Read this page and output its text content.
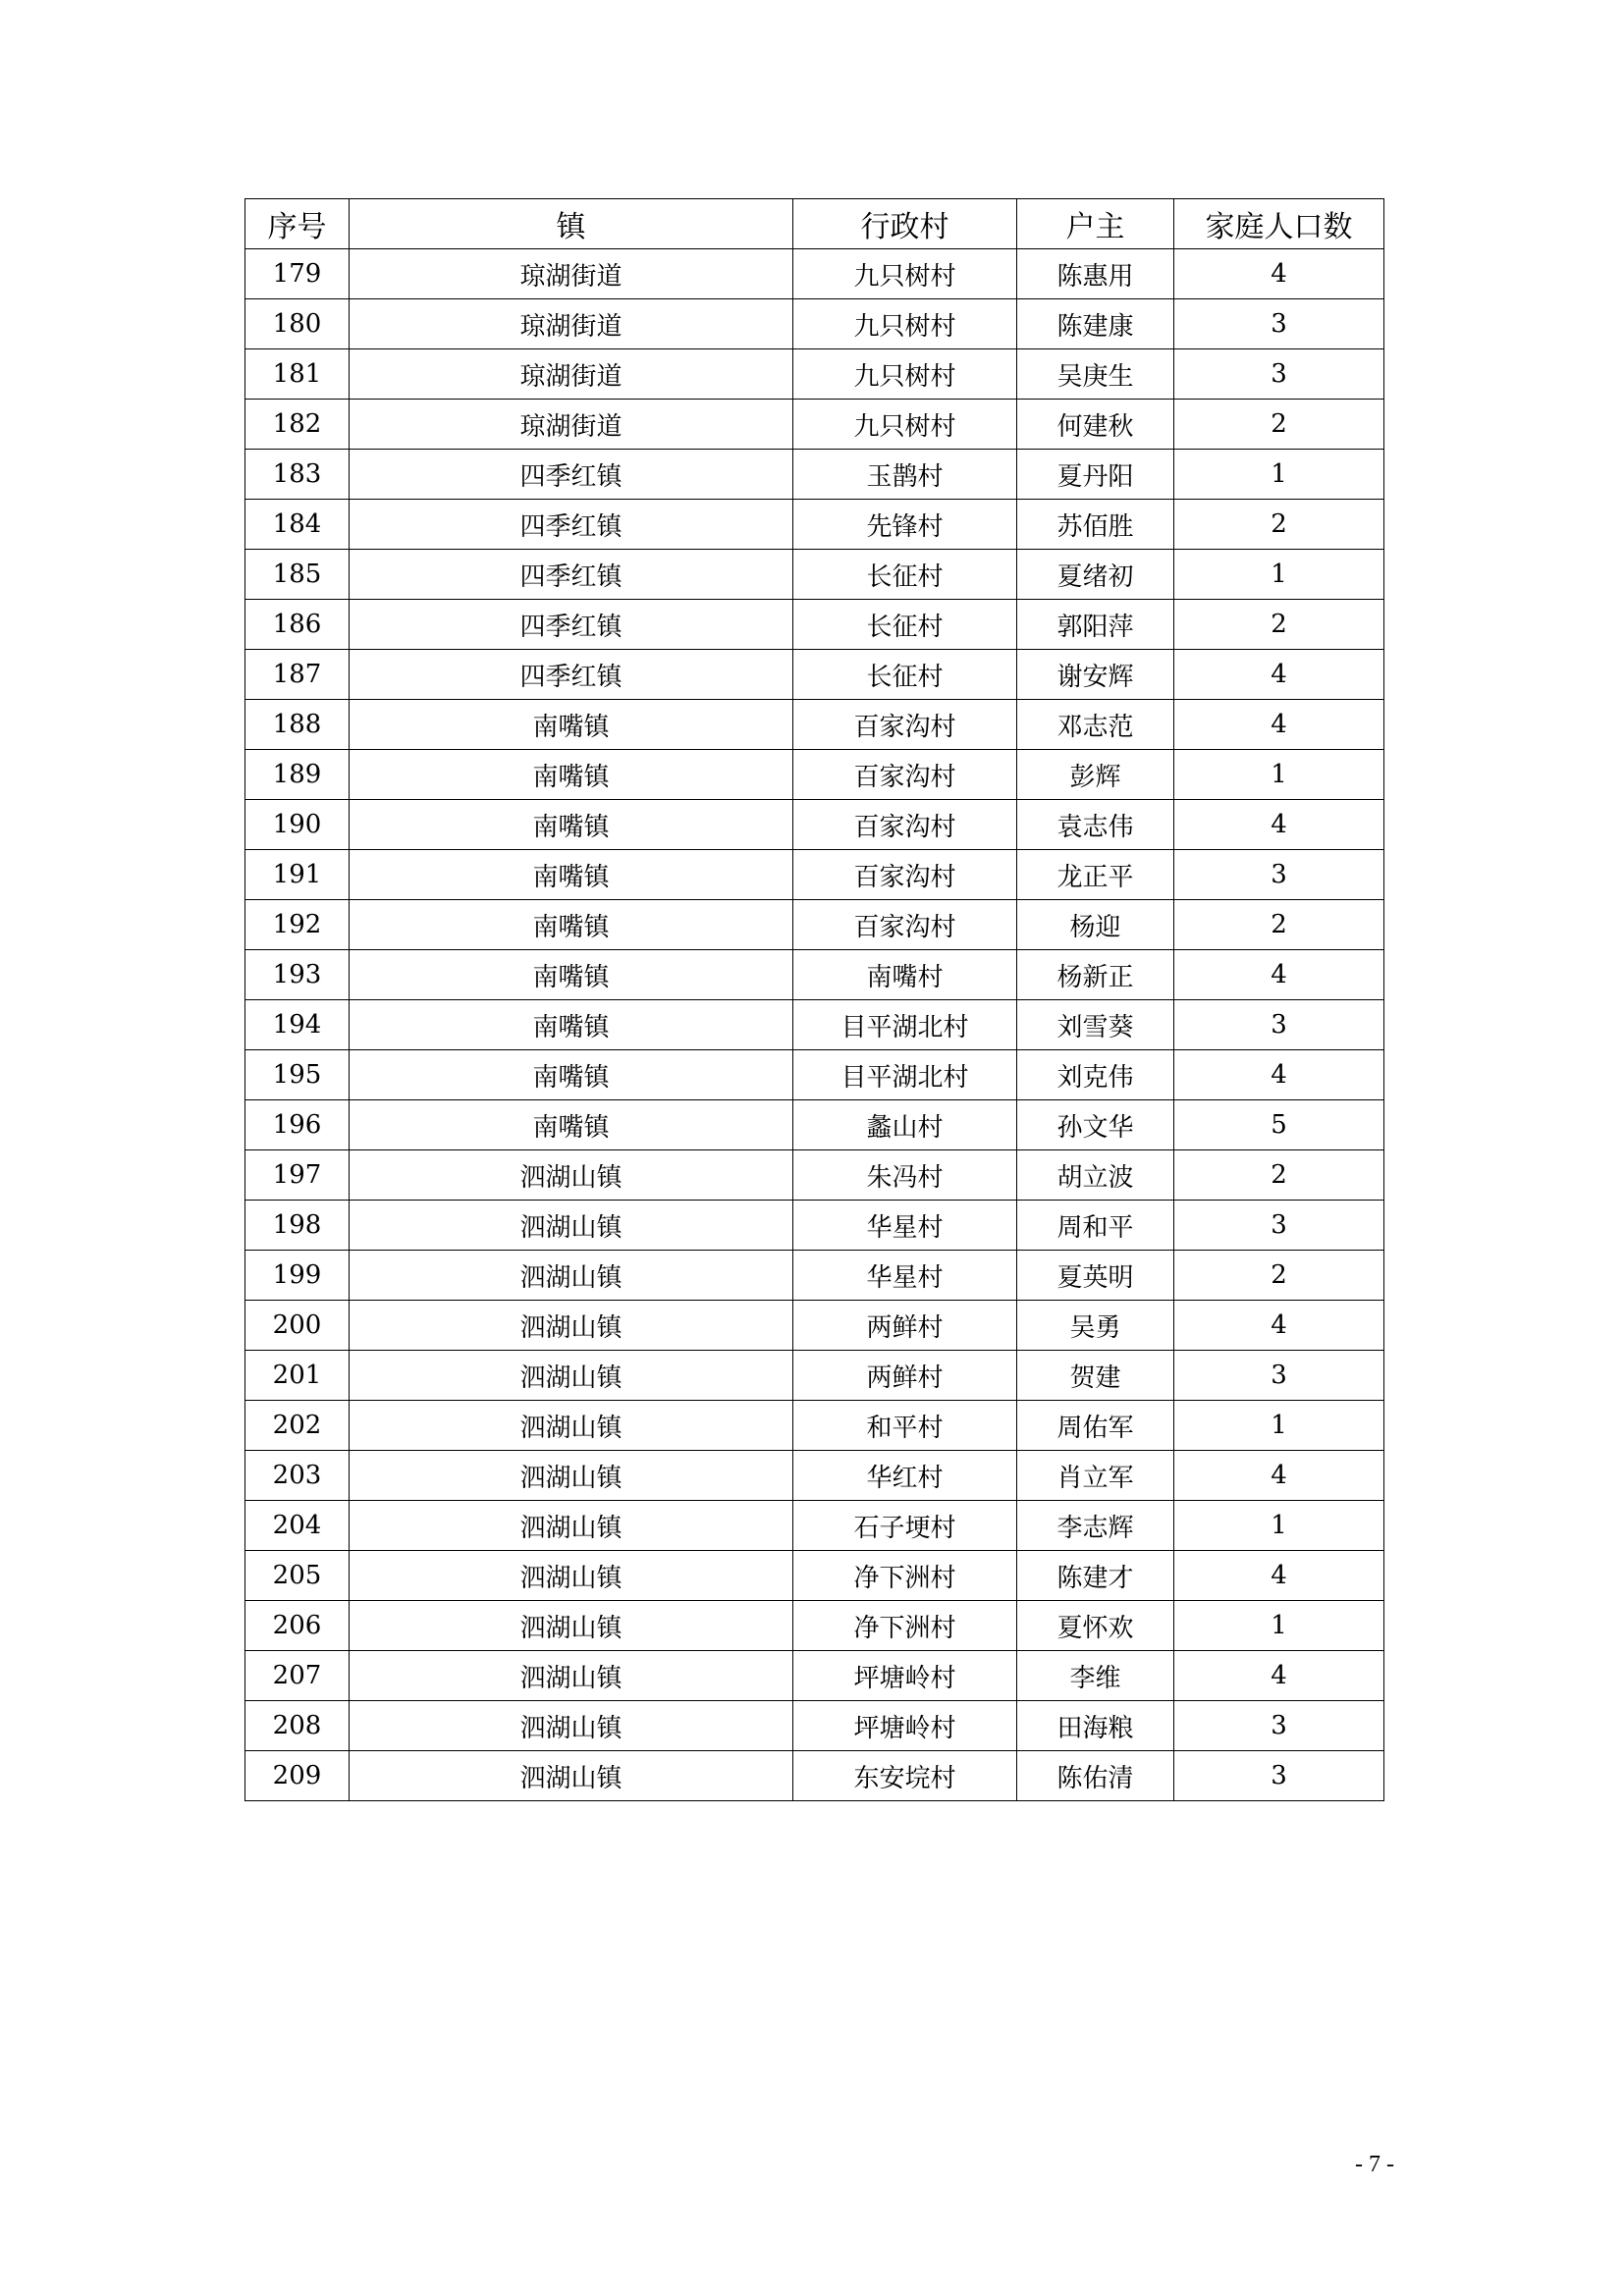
序号	镇	行政村	户主	家庭人口数
179	琼湖街道	九只树村	陈惠用	4
180	琼湖街道	九只树村	陈建康	3
181	琼湖街道	九只树村	吴庚生	3
182	琼湖街道	九只树村	何建秋	2
183	四季红镇	玉鹊村	夏丹阳	1
184	四季红镇	先锋村	苏佰胜	2
185	四季红镇	长征村	夏绪初	1
186	四季红镇	长征村	郭阳萍	2
187	四季红镇	长征村	谢安辉	4
188	南嘴镇	百家沟村	邓志范	4
189	南嘴镇	百家沟村	彭辉	1
190	南嘴镇	百家沟村	袁志伟	4
191	南嘴镇	百家沟村	龙正平	3
192	南嘴镇	百家沟村	杨迎	2
193	南嘴镇	南嘴村	杨新正	4
194	南嘴镇	目平湖北村	刘雪葵	3
195	南嘴镇	目平湖北村	刘克伟	4
196	南嘴镇	蠡山村	孙文华	5
197	泗湖山镇	朱冯村	胡立波	2
198	泗湖山镇	华星村	周和平	3
199	泗湖山镇	华星村	夏英明	2
200	泗湖山镇	两鲜村	吴勇	4
201	泗湖山镇	两鲜村	贺建	3
202	泗湖山镇	和平村	周佑军	1
203	泗湖山镇	华红村	肖立军	4
204	泗湖山镇	石子埂村	李志辉	1
205	泗湖山镇	净下洲村	陈建才	4
206	泗湖山镇	净下洲村	夏怀欢	1
207	泗湖山镇	坪塘岭村	李维	4
208	泗湖山镇	坪塘岭村	田海粮	3
209	泗湖山镇	东安垸村	陈佑清	3
- 7 -
